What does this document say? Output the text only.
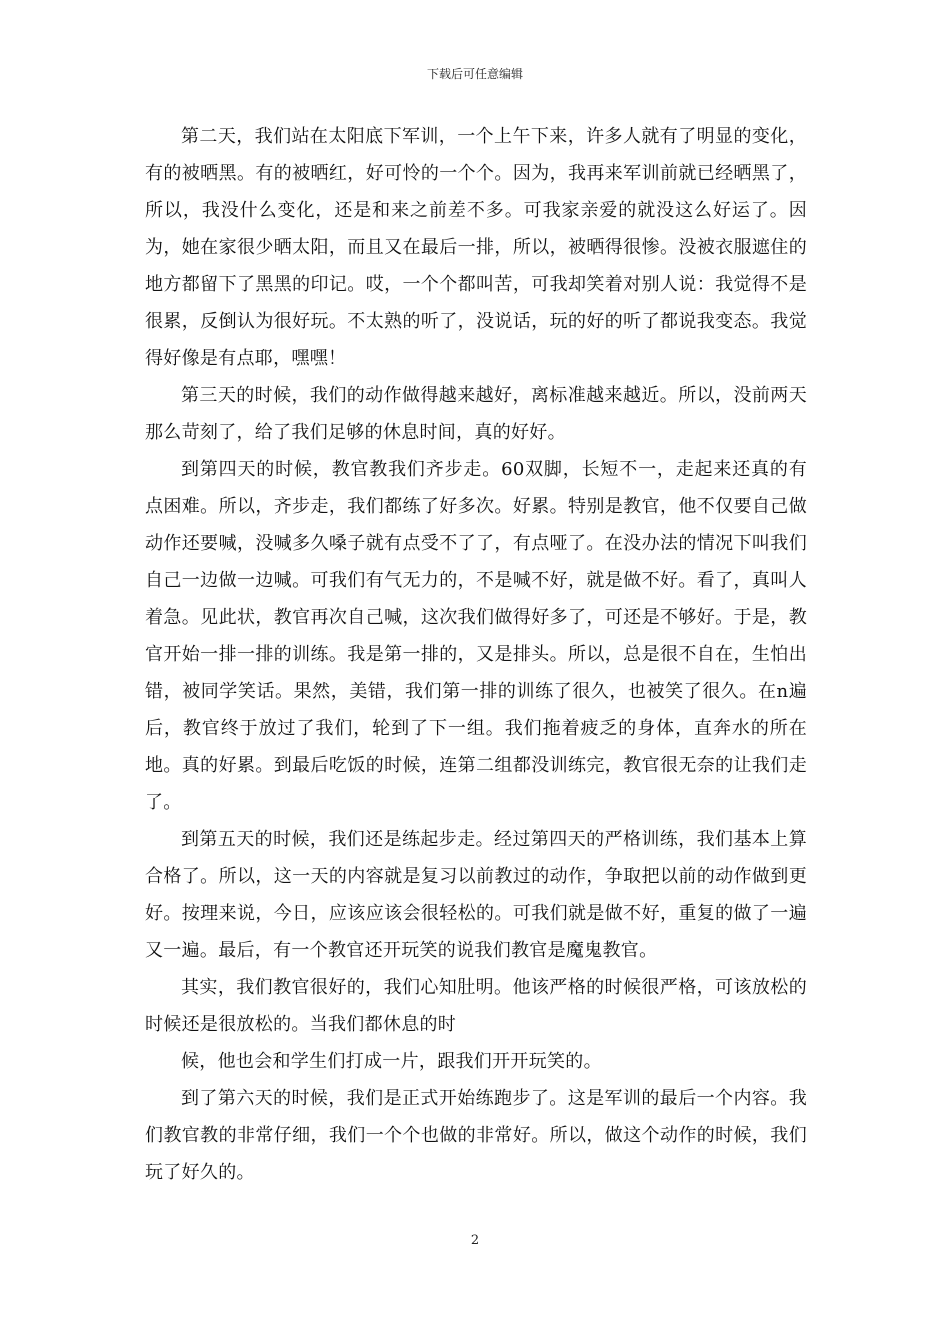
下载后可任意编辑

第二天，我们站在太阳底下军训，一个上午下来，许多人就有了明显的变化，有的被晒黑。有的被晒红，好可怜的一个个。因为，我再来军训前就已经晒黑了，所以，我没什么变化，还是和来之前差不多。可我家亲爱的就没这么好运了。因为，她在家很少晒太阳，而且又在最后一排，所以，被晒得很惨。没被衣服遮住的地方都留下了黑黑的印记。哎，一个个都叫苦，可我却笑着对别人说：我觉得不是很累，反倒认为很好玩。不太熟的听了，没说话，玩的好的听了都说我变态。我觉得好像是有点耶，嘿嘿！

第三天的时候，我们的动作做得越来越好，离标准越来越近。所以，没前两天那么苛刻了，给了我们足够的休息时间，真的好好。

到第四天的时候，教官教我们齐步走。60双脚，长短不一，走起来还真的有点困难。所以，齐步走，我们都练了好多次。好累。特别是教官，他不仅要自己做动作还要喊，没喊多久嗓子就有点受不了了，有点哑了。在没办法的情况下叫我们自己一边做一边喊。可我们有气无力的，不是喊不好，就是做不好。看了，真叫人着急。见此状，教官再次自己喊，这次我们做得好多了，可还是不够好。于是，教官开始一排一排的训练。我是第一排的，又是排头。所以，总是很不自在，生怕出错，被同学笑话。果然，美错，我们第一排的训练了很久，也被笑了很久。在n遍后，教官终于放过了我们，轮到了下一组。我们拖着疲乏的身体，直奔水的所在地。真的好累。到最后吃饭的时候，连第二组都没训练完，教官很无奈的让我们走了。

到第五天的时候，我们还是练起步走。经过第四天的严格训练，我们基本上算合格了。所以，这一天的内容就是复习以前教过的动作，争取把以前的动作做到更好。按理来说，今日，应该应该会很轻松的。可我们就是做不好，重复的做了一遍又一遍。最后，有一个教官还开玩笑的说我们教官是魔鬼教官。

其实，我们教官很好的，我们心知肚明。他该严格的时候很严格，可该放松的时候还是很放松的。当我们都休息的时

候，他也会和学生们打成一片，跟我们开开玩笑的。

到了第六天的时候，我们是正式开始练跑步了。这是军训的最后一个内容。我们教官教的非常仔细，我们一个个也做的非常好。所以，做这个动作的时候，我们玩了好久的。

2
